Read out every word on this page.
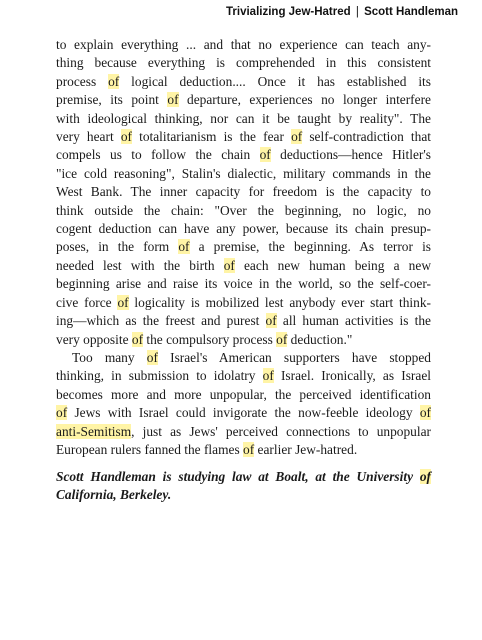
Trivializing Jew-Hatred | Scott Handleman
to explain everything ... and that no experience can teach any-
thing because everything is comprehended in this consistent
process of logical deduction.... Once it has established its
premise, its point of departure, experiences no longer interfere
with ideological thinking, nor can it be taught by reality". The
very heart of totalitarianism is the fear of self-contradiction that
compels us to follow the chain of deductions—hence Hitler's
"ice cold reasoning", Stalin's dialectic, military commands in the
West Bank. The inner capacity for freedom is the capacity to
think outside the chain: "Over the beginning, no logic, no
cogent deduction can have any power, because its chain presup-
poses, in the form of a premise, the beginning. As terror is
needed lest with the birth of each new human being a new
beginning arise and raise its voice in the world, so the self-coer-
cive force of logicality is mobilized lest anybody ever start think-
ing—which as the freest and purest of all human activities is the
very opposite of the compulsory process of deduction."
Too many of Israel's American supporters have stopped
thinking, in submission to idolatry of Israel. Ironically, as Israel
becomes more and more unpopular, the perceived identification
of Jews with Israel could invigorate the now-feeble ideology of
anti-Semitism, just as Jews' perceived connections to unpopular
European rulers fanned the flames of earlier Jew-hatred.
Scott Handleman is studying law at Boalt, at the University of
California, Berkeley.
